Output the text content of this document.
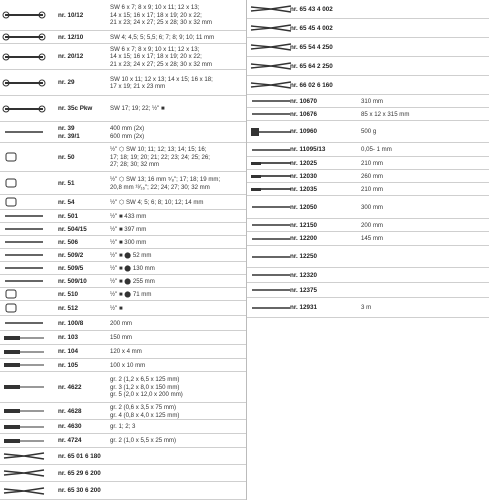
nr. 10/12
SW 6 x 7; 8 x 9; 10 x 11; 12 x 13;
14 x 15; 16 x 17; 18 x 19; 20 x 22;
21 x 23; 24 x 27; 25 x 28; 30 x 32 mm
nr. 12/10	SW 4; 4,5; 5; 5,5; 6; 7; 8; 9; 10; 11 mm
nr. 20/12
SW 6 x 7; 8 x 9; 10 x 11; 12 x 13;
14 x 15; 16 x 17; 18 x 19; 20 x 22;
21 x 23; 24 x 27; 25 x 28; 30 x 32 mm
nr. 29	SW 10 x 11; 12 x 13; 14 x 15; 16 x 18;
17 x 19; 21 x 23 mm
nr. 35c Pkw	SW 17; 19; 22; ½" ■
nr. 39
nr. 39/1
400 mm (2x)
600 mm (2x)
nr. 50
½" ⬡ SW 10; 11; 12; 13; 14; 15; 16;
17; 18; 19; 20; 21; 22; 23; 24; 25; 26;
27; 28; 30; 32 mm
nr. 51	½" ⬡ SW 13; 16 mm ⁵⁄₈"; 17; 18; 19 mm;
20,8 mm ¹³⁄₁₆"; 22; 24; 27; 30; 32 mm
nr. 54	½" ⬡ SW 4; 5; 6; 8; 10; 12; 14 mm
nr. 501	½" ■ 433 mm
nr. 504/15	½" ■ 397 mm
nr. 506	½" ■ 300 mm
nr. 509/2	½" ■ ⬤ 52 mm
nr. 509/5	½" ■ ⬤ 130 mm
nr. 509/10	½" ■ ⬤ 255 mm
nr. 510	½" ■ ⬤ 71 mm
nr. 512	½" ■
nr. 100/8	200 mm
nr. 103	150 mm
nr. 104	120 x 4 mm
nr. 105	100 x 10 mm
nr. 4622
gr. 2 (1,2 x 6,5 x 125 mm)
gr. 3 (1,2 x 8,0 x 150 mm)
gr. 5 (2,0 x 12,0 x 200 mm)
nr. 4628	gr. 2 (0,6 x 3,5 x 75 mm)
gr. 4 (0,8 x 4,0 x 125 mm)
nr. 4630	gr. 1; 2; 3
nr. 4724	gr. 2 (1,0 x 5,5 x 25 mm)
nr. 65 01 6 180
nr. 65 29 6 200
nr. 65 30 6 200
nr. 65 43 4 002
nr. 65 45 4 002
nr. 65 54 4 250
nr. 65 64 2 250
nr. 66 02 6 160
nr. 10670	310 mm
nr. 10676	85 x 12 x 315 mm
nr. 10960	500 g
nr. 11095/13	0,05- 1 mm
nr. 12025	210 mm
nr. 12030	260 mm
nr. 12035	210 mm
nr. 12050	300 mm
nr. 12150	200 mm
nr. 12200	145 mm
nr. 12250
nr. 12320
nr. 12375
nr. 12931	3 m
